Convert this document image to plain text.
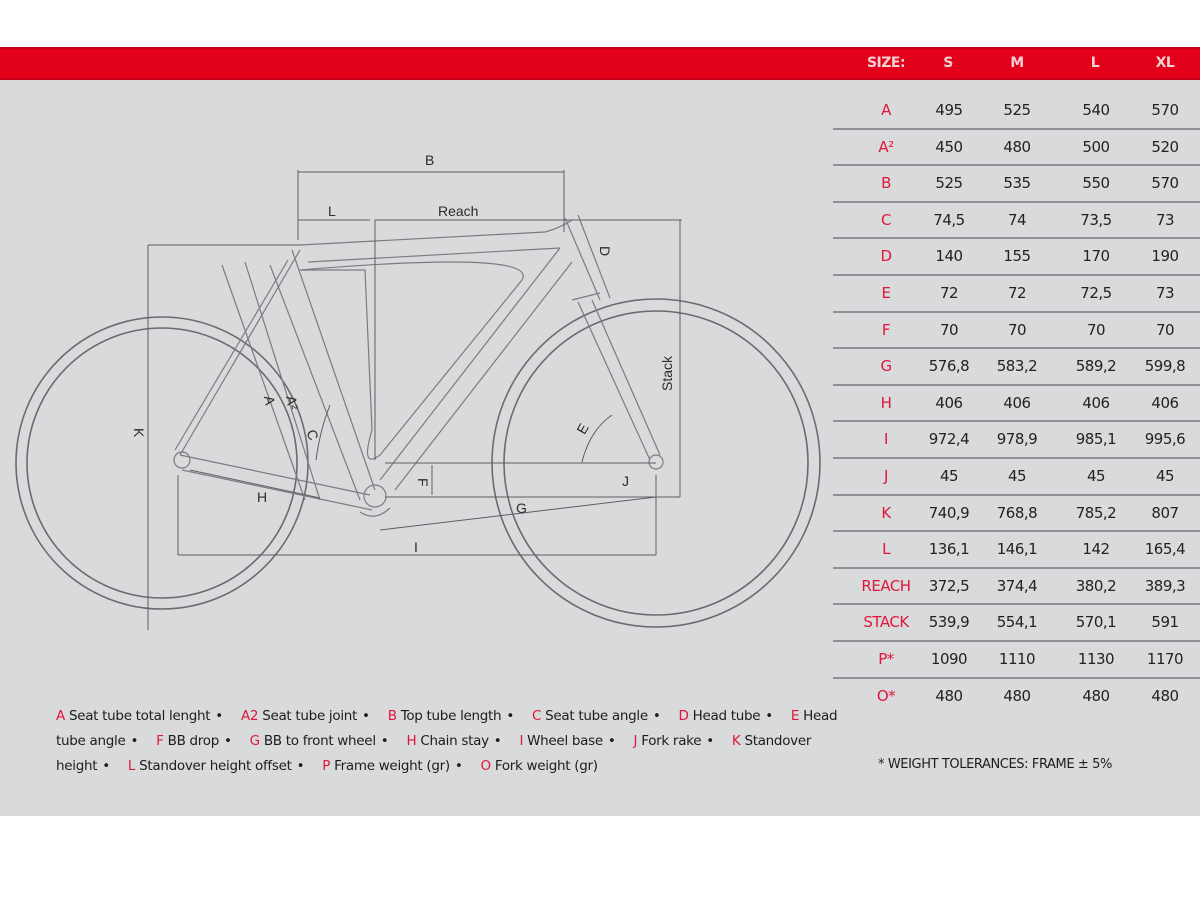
SIZE:	S	M	L	XL
B
L	Reach
D
Stack
K
A A²
C
H
F
G
I
E
J
A	495	525	540	570
A²	450	480	500	520
B	525	535	550	570
C	74,5	74	73,5	73
D	140	155	170	190
E	72	72	72,5	73
F	70	70	70	70
G	576,8	583,2	589,2	599,8
H	406	406	406	406
I	972,4	978,9	985,1	995,6
J	45	45	45	45
K	740,9	768,8	785,2	807
L	136,1	146,1	142	165,4
REACH	372,5	374,4	380,2	389,3
STACK	539,9	554,1	570,1	591
P*	1090	1110	1130	1170
O*	480	480	480	480
A Seat tube total lenght • A2 Seat tube joint • B Top tube length • C Seat tube angle • D Head tube • E Head tube angle • F BB drop • G BB to front wheel • H Chain stay • I Wheel base • J Fork rake • K Standover height • L Standover height offset • P Frame weight (gr) • O Fork weight (gr)	* WEIGHT TOLERANCES: FRAME ± 5%
